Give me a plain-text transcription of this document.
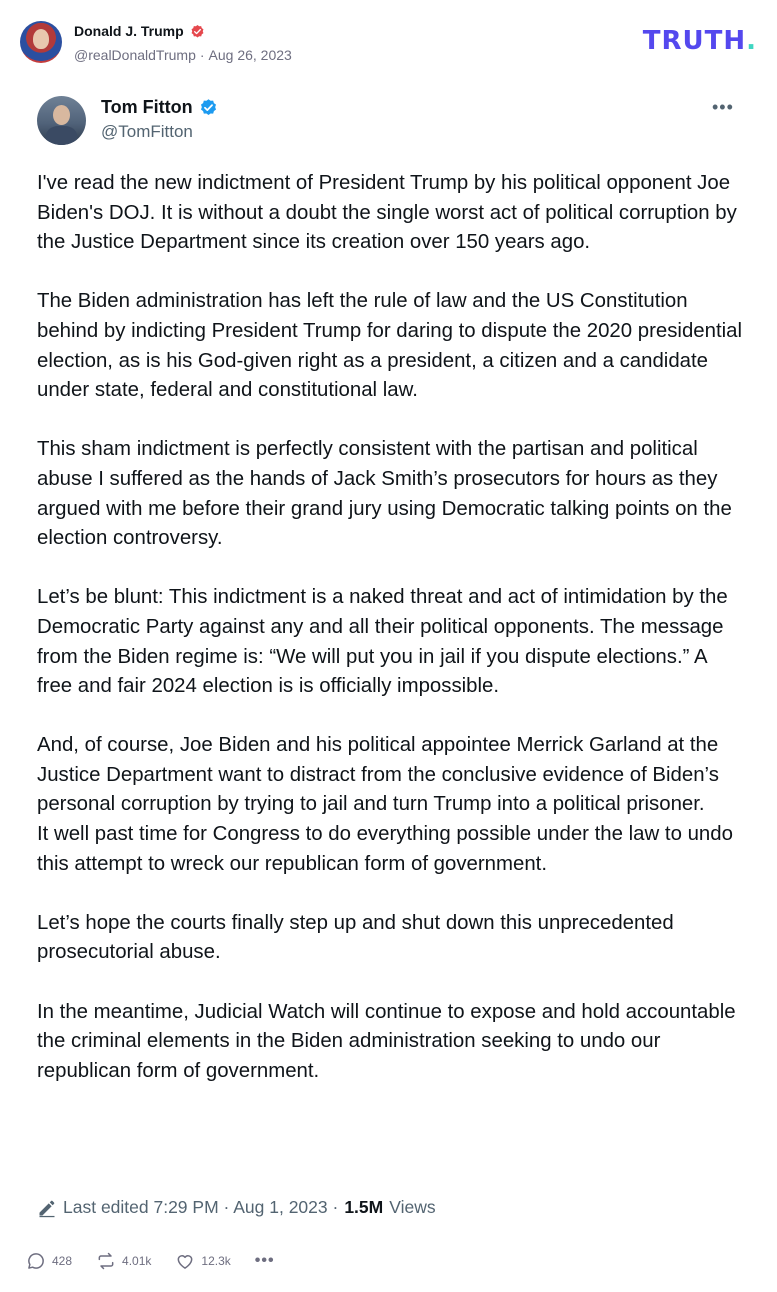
Donald J. Trump
@realDonaldTrump · Aug 26, 2023	TRUTH.
Tom Fitton
@TomFitton
•••

I've read the new indictment of President Trump by his political opponent Joe Biden's DOJ. It is without a doubt the single worst act of political corruption by the Justice Department since its creation over 150 years ago.

The Biden administration has left the rule of law and the US Constitution behind by indicting President Trump for daring to dispute the 2020 presidential election, as is his God-given right as a president, a citizen and a candidate under state, federal and constitutional law.

This sham indictment is perfectly consistent with the partisan and political abuse I suffered as the hands of Jack Smith’s prosecutors for hours as they argued with me before their grand jury using Democratic talking points on the election controversy.

Let’s be blunt: This indictment is a naked threat and act of intimidation by the Democratic Party against any and all their political opponents. The message from the Biden regime is: “We will put you in jail if you dispute elections.” A free and fair 2024 election is is officially impossible.

And, of course, Joe Biden and his political appointee Merrick Garland at the Justice Department want to distract from the conclusive evidence of Biden’s personal corruption by trying to jail and turn Trump into a political prisoner.

It well past time for Congress to do everything possible under the law to undo this attempt to wreck our republican form of government.

Let’s hope the courts finally step up and shut down this unprecedented prosecutorial abuse.

In the meantime, Judicial Watch will continue to expose and hold accountable the criminal elements in the Biden administration seeking to undo our republican form of government.

Last edited 7:29 PM · Aug 1, 2023 · 1.5M Views
428	4.01k	12.3k •••
